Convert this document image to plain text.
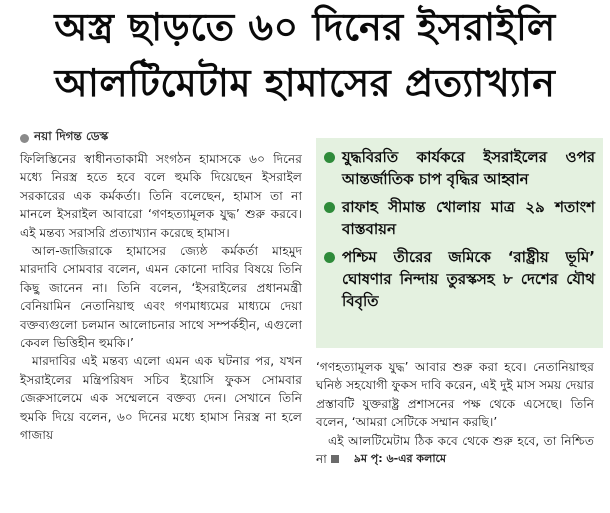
অস্ত্র ছাড়তে ৬০ দিনের ইসরাইলি
আলটিমেটাম হামাসের প্রত্যাখ্যান
নয়া দিগন্ত ডেস্ক

ফিলিস্তিনের স্বাধীনতাকামী সংগঠন হামাসকে ৬০ দিনের মধ্যে নিরস্ত্র হতে হবে বলে হুমকি দিয়েছেন ইসরাইল সরকারের এক কর্মকর্তা। তিনি বলেছেন, হামাস তা না মানলে ইসরাইল আবারো ‘গণহত্যামূলক যুদ্ধ’ শুরু করবে। এই মন্তব্য সরাসরি প্রত্যাখ্যান করেছে হামাস।

আল-জাজিরাকে হামাসের জ্যেষ্ঠ কর্মকর্তা মাহমুদ মারদাবি সোমবার বলেন, এমন কোনো দাবির বিষয়ে তিনি কিছু জানেন না। তিনি বলেন, ‘ইসরাইলের প্রধানমন্ত্রী বেনিয়ামিন নেতানিয়াহু এবং গণমাধ্যমের মাধ্যমে দেয়া বক্তব্যগুলো চলমান আলোচনার সাথে সম্পর্কহীন, এগুলো কেবল ভিত্তিহীন হুমকি।’

মারদাবির এই মন্তব্য এলো এমন এক ঘটনার পর, যখন ইসরাইলের মন্ত্রিপরিষদ সচিব ইয়োসি ফুকস সোমবার জেরুসালেমে এক সম্মেলনে বক্তব্য দেন। সেখানে তিনি হুমকি দিয়ে বলেন, ৬০ দিনের মধ্যে হামাস নিরস্ত্র না হলে গাজায়

যুদ্ধবিরতি কার্যকরে ইসরাইলের ওপর আন্তর্জাতিক চাপ বৃদ্ধির আহ্বান
রাফাহ সীমান্ত খোলায় মাত্র ২৯ শতাংশ বাস্তবায়ন
পশ্চিম তীরের জমিকে ‘রাষ্ট্রীয় ভূমি’ ঘোষণার নিন্দায় তুরস্কসহ ৮ দেশের যৌথ বিবৃতি

‘গণহত্যামূলক যুদ্ধ’ আবার শুরু করা হবে। নেতানিয়াহুর ঘনিষ্ঠ সহযোগী ফুকস দাবি করেন, এই দুই মাস সময় দেয়ার প্রস্তাবটি যুক্তরাষ্ট্র প্রশাসনের পক্ষ থেকে এসেছে। তিনি বলেন, ‘আমরা সেটিকে সম্মান করছি।’

এই আলটিমেটাম ঠিক কবে থেকে শুরু হবে, তা নিশ্চিত না	৯ম পৃ: ৬-এর কলামে
